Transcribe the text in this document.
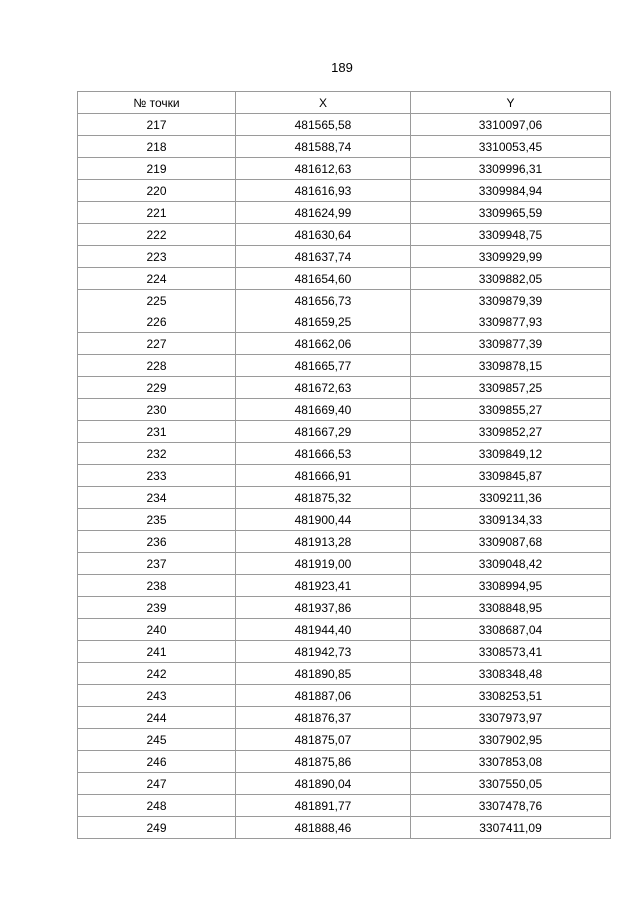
189
№ точки	X	Y
217	481565,58	3310097,06
218	481588,74	3310053,45
219	481612,63	3309996,31
220	481616,93	3309984,94
221	481624,99	3309965,59
222	481630,64	3309948,75
223	481637,74	3309929,99
224	481654,60	3309882,05
225	481656,73	3309879,39
226	481659,25	3309877,93
227	481662,06	3309877,39
228	481665,77	3309878,15
229	481672,63	3309857,25
230	481669,40	3309855,27
231	481667,29	3309852,27
232	481666,53	3309849,12
233	481666,91	3309845,87
234	481875,32	3309211,36
235	481900,44	3309134,33
236	481913,28	3309087,68
237	481919,00	3309048,42
238	481923,41	3308994,95
239	481937,86	3308848,95
240	481944,40	3308687,04
241	481942,73	3308573,41
242	481890,85	3308348,48
243	481887,06	3308253,51
244	481876,37	3307973,97
245	481875,07	3307902,95
246	481875,86	3307853,08
247	481890,04	3307550,05
248	481891,77	3307478,76
249	481888,46	3307411,09
